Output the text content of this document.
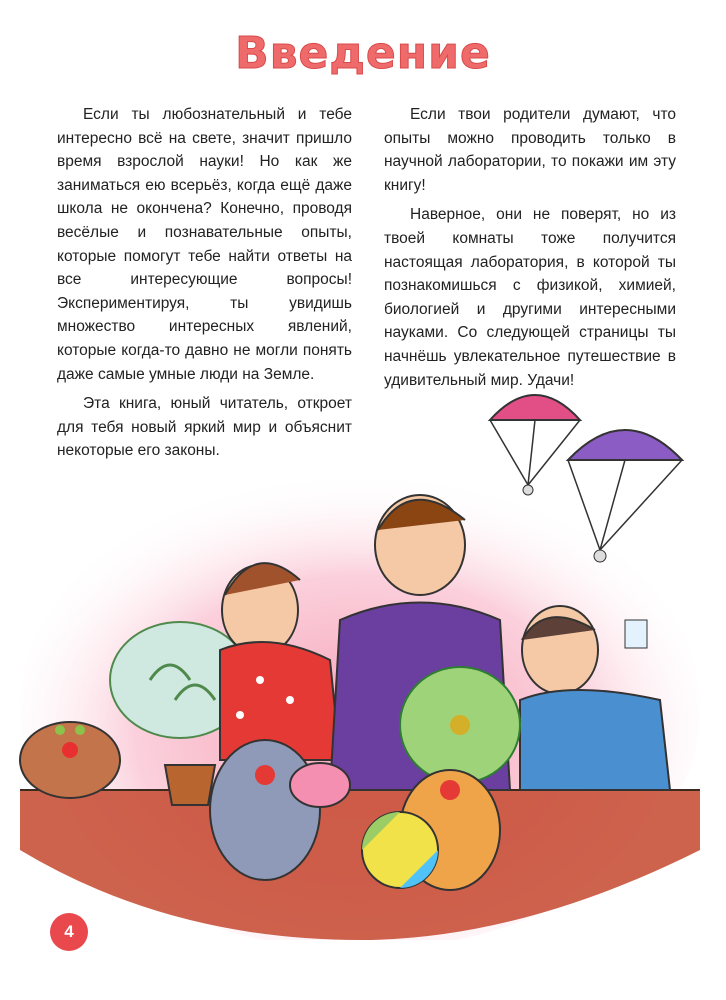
Введение

Если ты любознательный и тебе интересно всё на свете, значит пришло время взрослой науки! Но как же заниматься ею всерьёз, когда ещё даже школа не окончена? Конечно, проводя весёлые и познавательные опыты, которые помогут тебе найти ответы на все интересующие вопросы! Экспериментируя, ты увидишь множество интересных явлений, которые когда-то давно не могли понять даже самые умные люди на Земле.

Эта книга, юный читатель, откроет для тебя новый яркий мир и объяснит некоторые его законы.

Если твои родители думают, что опыты можно проводить только в научной лаборатории, то покажи им эту книгу!

Наверное, они не поверят, но из твоей комнаты тоже получится настоящая лаборатория, в которой ты познакомишься с физикой, химией, биологией и другими интересными науками. Со следующей страницы ты начнёшь увлекательное путешествие в удивительный мир. Удачи!

4
